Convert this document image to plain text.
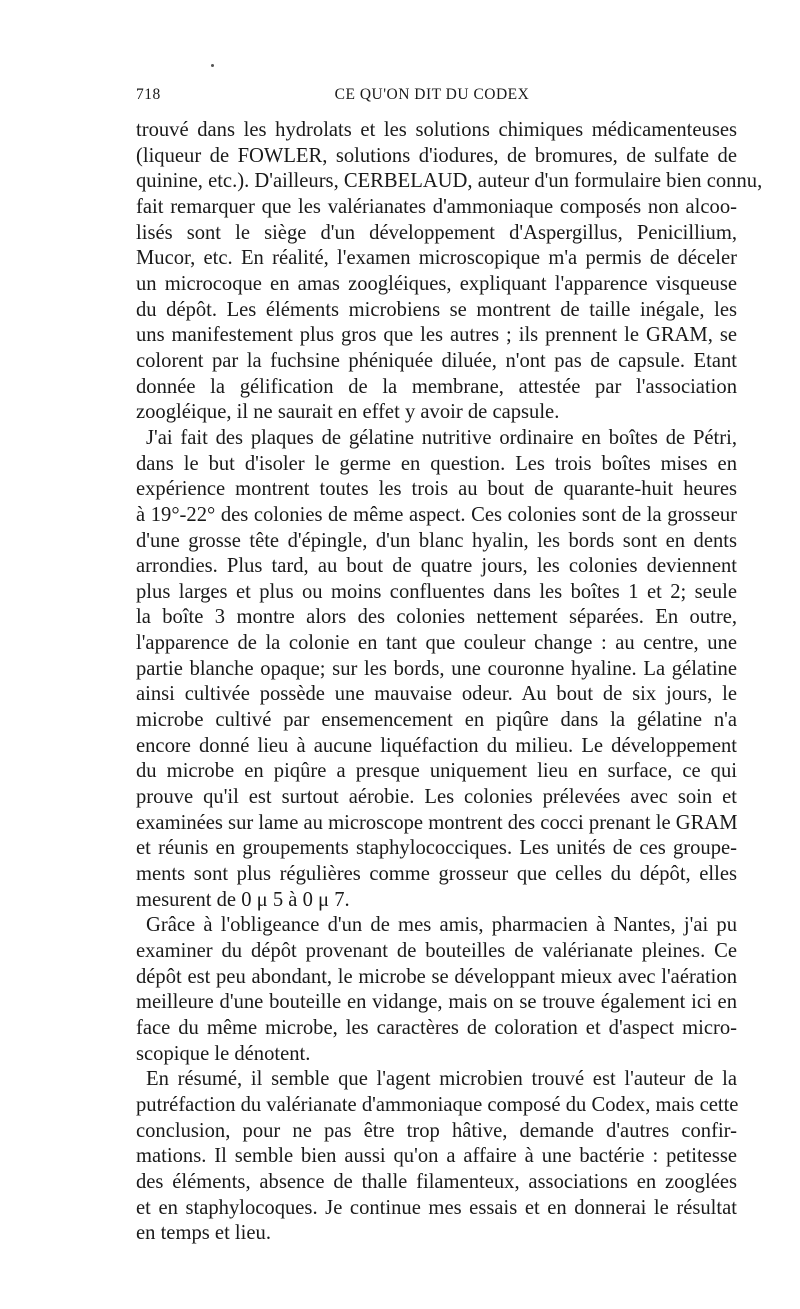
718	CE QU'ON DIT DU CODEX

trouvé dans les hydrolats et les solutions chimiques médicamenteuses
(liqueur de FOWLER, solutions d'iodures, de bromures, de sulfate de
quinine, etc.). D'ailleurs, CERBELAUD, auteur d'un formulaire bien connu,
fait remarquer que les valérianates d'ammoniaque composés non alcoo-
lisés sont le siège d'un développement d'Aspergillus, Penicillium,
Mucor, etc. En réalité, l'examen microscopique m'a permis de déceler
un microcoque en amas zoogléiques, expliquant l'apparence visqueuse
du dépôt. Les éléments microbiens se montrent de taille inégale, les
uns manifestement plus gros que les autres ; ils prennent le GRAM, se
colorent par la fuchsine phéniquée diluée, n'ont pas de capsule. Etant
donnée la gélification de la membrane, attestée par l'association
zoogléique, il ne saurait en effet y avoir de capsule.

J'ai fait des plaques de gélatine nutritive ordinaire en boîtes de Pétri,
dans le but d'isoler le germe en question. Les trois boîtes mises en
expérience montrent toutes les trois au bout de quarante-huit heures
à 19°-22° des colonies de même aspect. Ces colonies sont de la grosseur
d'une grosse tête d'épingle, d'un blanc hyalin, les bords sont en dents
arrondies. Plus tard, au bout de quatre jours, les colonies deviennent
plus larges et plus ou moins confluentes dans les boîtes 1 et 2; seule
la boîte 3 montre alors des colonies nettement séparées. En outre,
l'apparence de la colonie en tant que couleur change : au centre, une
partie blanche opaque; sur les bords, une couronne hyaline. La gélatine
ainsi cultivée possède une mauvaise odeur. Au bout de six jours, le
microbe cultivé par ensemencement en piqûre dans la gélatine n'a
encore donné lieu à aucune liquéfaction du milieu. Le développement
du microbe en piqûre a presque uniquement lieu en surface, ce qui
prouve qu'il est surtout aérobie. Les colonies prélevées avec soin et
examinées sur lame au microscope montrent des cocci prenant le GRAM
et réunis en groupements staphylococciques. Les unités de ces groupe-
ments sont plus régulières comme grosseur que celles du dépôt, elles
mesurent de 0 μ 5 à 0 μ 7.

Grâce à l'obligeance d'un de mes amis, pharmacien à Nantes, j'ai pu
examiner du dépôt provenant de bouteilles de valérianate pleines. Ce
dépôt est peu abondant, le microbe se développant mieux avec l'aération
meilleure d'une bouteille en vidange, mais on se trouve également ici en
face du même microbe, les caractères de coloration et d'aspect micro-
scopique le dénotent.

En résumé, il semble que l'agent microbien trouvé est l'auteur de la
putréfaction du valérianate d'ammoniaque composé du Codex, mais cette
conclusion, pour ne pas être trop hâtive, demande d'autres confir-
mations. Il semble bien aussi qu'on a affaire à une bactérie : petitesse
des éléments, absence de thalle filamenteux, associations en zooglées
et en staphylocoques. Je continue mes essais et en donnerai le résultat
en temps et lieu.
